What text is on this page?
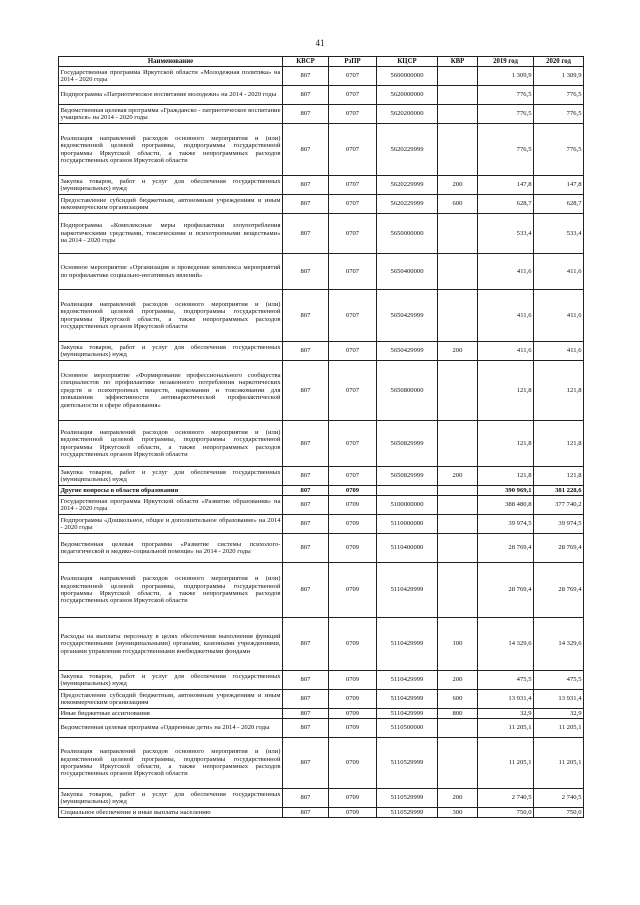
41
Наименование	КВСР	РзПР	КЦСР	КВР	2019 год	2020 год
Государственная программа Иркутской области «Молодежная политика» на 2014 - 2020 годы	807	0707	5600000000		1 309,9	1 309,9
Подпрограмма «Патриотическое воспитание молодежи» на 2014 - 2020 годы	807	0707	5620000000		776,5	776,5
Ведомственная целевая программа «Гражданско - патриотическое воспитание учащихся» на 2014 - 2020 годы	807	0707	5620200000		776,5	776,5
Реализация направлений расходов основного мероприятия и (или) ведомственной целевой программы, подпрограммы государственной программы Иркутской области, а также непрограммных расходов государственных органов Иркутской области	807	0707	5620229999		776,5	776,5
Закупка товаров, работ и услуг для обеспечения государственных (муниципальных) нужд	807	0707	5620229999	200	147,8	147,8
Предоставление субсидий бюджетным, автономным учреждениям и иным некоммерческим организациям	807	0707	5620229999	600	628,7	628,7
Подпрограмма «Комплексные меры профилактики злоупотребления наркотическими средствами, токсическими и психотропными веществами» на 2014 - 2020 годы	807	0707	5650000000		533,4	533,4
Основное мероприятие «Организация и проведение комплекса мероприятий по профилактике социально-негативных явлений»	807	0707	5650400000		411,6	411,6
Реализация направлений расходов основного мероприятия и (или) ведомственной целевой программы, подпрограммы государственной программы Иркутской области, а также непрограммных расходов государственных органов Иркутской области	807	0707	5650429999		411,6	411,6
Закупка товаров, работ и услуг для обеспечения государственных (муниципальных) нужд	807	0707	5650429999	200	411,6	411,6
Основное мероприятие «Формирование профессионального сообщества специалистов по профилактике незаконного потребления наркотических средств и психотропных веществ, наркомании и токсикомании для повышения эффективности антинаркотической профилактической деятельности в сфере образования»	807	0707	5650800000		121,8	121,8
Реализация направлений расходов основного мероприятия и (или) ведомственной целевой программы, подпрограммы государственной программы Иркутской области, а также непрограммных расходов государственных органов Иркутской области	807	0707	5650829999		121,8	121,8
Закупка товаров, работ и услуг для обеспечения государственных (муниципальных) нужд	807	0707	5650829999	200	121,8	121,8
Другие вопросы в области образования	807	0709			390 969,1	381 228,6
Государственная программа Иркутской области «Развитие образования» на 2014 - 2020 годы	807	0709	5100000000		388 480,8	377 740,2
Подпрограмма «Дошкольное, общее и дополнительное образование» на 2014 - 2020 годы	807	0709	5110000000		39 974,5	39 974,5
Ведомственная целевая программа «Развитие системы психолого-педагогической и медико-социальной помощи» на 2014 - 2020 годы	807	0709	5110400000		28 769,4	28 769,4
Реализация направлений расходов основного мероприятия и (или) ведомственной целевой программы, подпрограммы государственной программы Иркутской области, а также непрограммных расходов государственных органов Иркутской области	807	0709	5110429999		28 769,4	28 769,4
Расходы на выплаты персоналу в целях обеспечения выполнения функций государственными (муниципальными) органами, казенными учреждениями, органами управления государственными внебюджетными фондами	807	0709	5110429999	100	14 329,6	14 329,6
Закупка товаров, работ и услуг для обеспечения государственных (муниципальных) нужд	807	0709	5110429999	200	475,5	475,5
Предоставление субсидий бюджетным, автономным учреждениям и иным некоммерческим организациям	807	0709	5110429999	600	13 931,4	13 931,4
Иные бюджетные ассигнования	807	0709	5110429999	800	32,9	32,9
Ведомственная целевая программа «Одаренные дети» на 2014 - 2020 годы	807	0709	5110500000		11 205,1	11 205,1
Реализация направлений расходов основного мероприятия и (или) ведомственной целевой программы, подпрограммы государственной программы Иркутской области, а также непрограммных расходов государственных органов Иркутской области	807	0709	5110529999		11 205,1	11 205,1
Закупка товаров, работ и услуг для обеспечения государственных (муниципальных) нужд	807	0709	5110529999	200	2 740,5	2 740,5
Социальное обеспечение и иные выплаты населению	807	0709	5110529999	300	750,0	750,0
